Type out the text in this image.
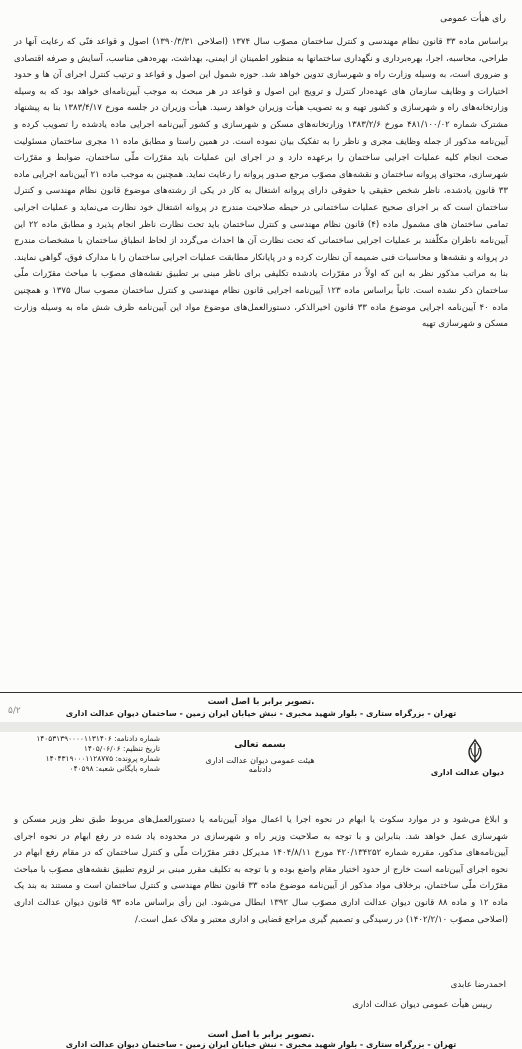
رای هیأت عمومی
براساس ماده ۳۳ قانون نظام مهندسی و کنترل ساختمان مصوّب سال ۱۳۷۴ (اصلاحی ۱۳۹۰/۳/۳۱) اصول و قواعد فنّی که رعایت آنها در طراحی، محاسبه، اجرا، بهره‌برداری و نگهداری ساختمانها به منظور اطمینان از ایمنی، بهداشت، بهره‌دهی مناسب، آسایش و صرفه اقتصادی و ضروری است، به وسیله وزارت راه و شهرسازی تدوین خواهد شد. حوزه شمول این اصول و قواعد و ترتیب کنترل اجرای آن ها و حدود اختیارات و وظایف سازمان های عهده‌دار کنترل و ترویج این اصول و قواعد در هر مبحث به موجب آیین‌نامه‌ای خواهد بود که به وسیله وزارتخانه‌های راه و شهرسازی و کشور تهیه و به تصویب هیأت وزیران خواهد رسید. هیأت وزیران در جلسه مورخ ۱۳۸۳/۴/۱۷ بنا به پیشنهاد مشترک شماره ۴۸۱/۱۰۰/۰۲ مورخ ۱۳۸۳/۲/۶ وزارتخانه‌های مسکن و شهرسازی و کشور آیین‌نامه اجرایی ماده یادشده را تصویب کرده و آیین‌نامه مذکور از جمله وظایف مجری و ناظر را به تفکیک بیان نموده است. در همین راستا و مطابق ماده ۱۱ مجری ساختمان مسئولیت صحت انجام کلیه عملیات اجرایی ساختمان را برعهده دارد و در اجرای این عملیات باید مقرّرات ملّی ساختمان، ضوابط و مقرّرات شهرسازی، محتوای پروانه ساختمان و نقشه‌های مصوّب مرجع صدور پروانه را رعایت نماید. همچنین به موجب ماده ۲۱ آیین‌نامه اجرایی ماده ۳۳ قانون یادشده، ناظر شخص حقیقی یا حقوقی دارای پروانه اشتغال به کار در یکی از رشته‌های موضوع قانون نظام مهندسی و کنترل ساختمان است که بر اجرای صحیح عملیات ساختمانی در حیطه صلاحیت مندرج در پروانه اشتغال خود نظارت می‌نماید و عملیات اجرایی تمامی ساختمان های مشمول ماده (۴) قانون نظام مهندسی و کنترل ساختمان باید تحت نظارت ناظر انجام پذیرد و مطابق ماده ۲۲ این آیین‌نامه ناظران مکلّفند بر عملیات اجرایی ساختمانی که تحت نظارت آن ها احداث می‌گردد از لحاظ انطباق ساختمان با مشخصات مندرج در پروانه و نقشه‌ها و محاسبات فنی ضمیمه آن نظارت کرده و در پایانکار مطابقت عملیات اجرایی ساختمان را با مدارک فوق، گواهی نمایند. بنا به مراتب مذکور نظر به این که اولاً در مقرّرات یادشده تکلیفی برای ناظر مبنی بر تطبیق نقشه‌های مصوّب با مباحث مقرّرات ملّی ساختمان ذکر نشده است. ثانیاً براساس ماده ۱۲۳ آیین‌نامه اجرایی قانون نظام مهندسی و کنترل ساختمان مصوب سال ۱۳۷۵ و همچنین ماده ۴۰ آیین‌نامه اجرایی موضوع ماده ۳۳ قانون اخیرالذکر، دستورالعمل‌های موضوع مواد این آیین‌نامه ظرف شش ماه به وسیله وزارت مسکن و شهرسازی تهیه
تصویر برابر با اصل است.
تهران - بزرگراه ستاری - بلوار شهید مخبری - نبش خیابان ایران زمین - ساختمان دیوان عدالت اداری
۵/۲
دیوان عدالت اداری
بسمه تعالی
هیئت عمومی دیوان عدالت اداری
دادنامه
شماره دادنامه: ۱۴۰۵۳۱۳۹۰۰۰۰۱۱۳۱۴۰۶
تاریخ تنظیم: ۱۴۰۵/۰۶/۰۶
شماره پرونده: ۱۴۰۴۳۱۹۰۰۰۱۱۲۸۷۷۵
شماره بایگانی شعبه: ۰۴۰۵۹۸
و ابلاغ می‌شود و در موارد سکوت یا ابهام در نحوه اجرا یا اعمال مواد آیین‌نامه یا دستورالعمل‌های مربوط طبق نظر وزیر مسکن و شهرسازی عمل خواهد شد. بنابراین و با توجه به صلاحیت وزیر راه و شهرسازی در محدوده یاد شده در رفع ابهام در نحوه اجرای آیین‌نامه‌های مذکور، مقرره شماره ۴۲۰/۱۳۴۲۵۲ مورخ ۱۴۰۴/۸/۱۱ مدیرکل دفتر مقرّرات ملّی و کنترل ساختمان که در مقام رفع ابهام در نحوه اجرای آیین‌نامه است خارج از حدود اختیار مقام واضع بوده و با توجه به تکلیف مقرر مبنی بر لزوم تطبیق نقشه‌های مصوّب با مباحث مقرّرات ملّی ساختمان، برخلاف مواد مذکور از آیین‌نامه موضوع ماده ۳۳ قانون نظام مهندسی و کنترل ساختمان است و مستند به بند یک ماده ۱۲ و ماده ۸۸ قانون دیوان عدالت اداری مصوّب سال ۱۳۹۲ ابطال می‌شود. این رأی براساس ماده ۹۳ قانون دیوان عدالت اداری (اصلاحی مصوّب ۱۴۰۲/۲/۱۰) در رسیدگی و تصمیم گیری مراجع قضایی و اداری معتبر و ملاک عمل است./
احمدرضا عابدی
رییس هیأت عمومی دیوان عدالت اداری
تصویر برابر با اصل است.
تهران - بزرگراه ستاری - بلوار شهید مخبری - نبش خیابان ایران زمین - ساختمان دیوان عدالت اداری
